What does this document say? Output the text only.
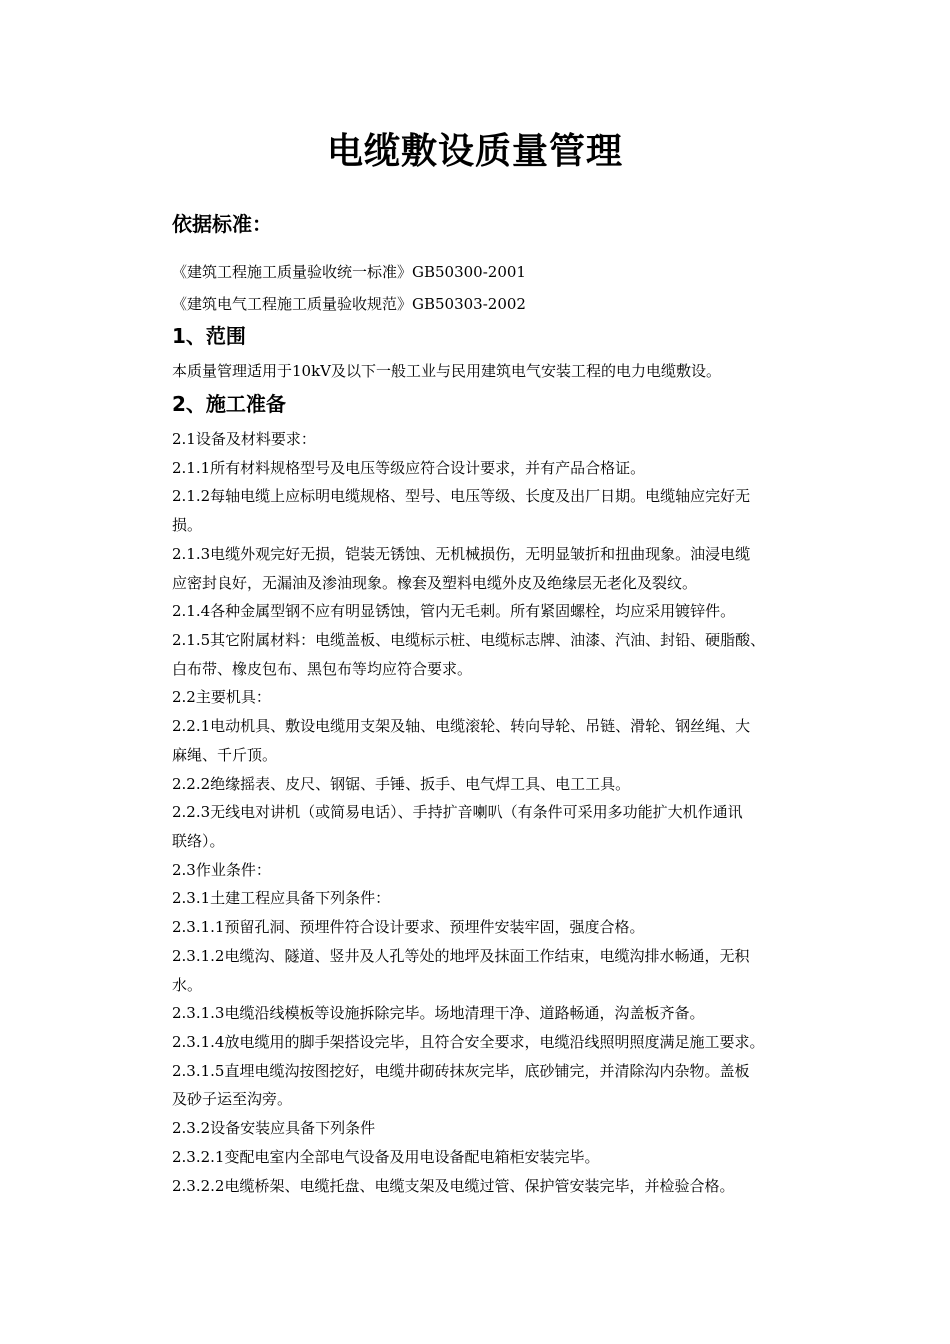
电缆敷设质量管理
依据标准：
《建筑工程施工质量验收统一标准》GB50300-2001
《建筑电气工程施工质量验收规范》GB50303-2002
1、范围
本质量管理适用于10kV及以下一般工业与民用建筑电气安装工程的电力电缆敷设。
2、施工准备
2.1设备及材料要求：
2.1.1所有材料规格型号及电压等级应符合设计要求，并有产品合格证。
2.1.2每轴电缆上应标明电缆规格、型号、电压等级、长度及出厂日期。电缆轴应完好无
损。
2.1.3电缆外观完好无损，铠装无锈蚀、无机械损伤，无明显皱折和扭曲现象。油浸电缆
应密封良好，无漏油及渗油现象。橡套及塑料电缆外皮及绝缘层无老化及裂纹。
2.1.4各种金属型钢不应有明显锈蚀，管内无毛刺。所有紧固螺栓，均应采用镀锌件。
2.1.5其它附属材料：电缆盖板、电缆标示桩、电缆标志牌、油漆、汽油、封铅、硬脂酸、
白布带、橡皮包布、黑包布等均应符合要求。
2.2主要机具：
2.2.1电动机具、敷设电缆用支架及轴、电缆滚轮、转向导轮、吊链、滑轮、钢丝绳、大
麻绳、千斤顶。
2.2.2绝缘摇表、皮尺、钢锯、手锤、扳手、电气焊工具、电工工具。
2.2.3无线电对讲机（或简易电话）、手持扩音喇叭（有条件可采用多功能扩大机作通讯
联络）。
2.3作业条件：
2.3.1土建工程应具备下列条件：
2.3.1.1预留孔洞、预埋件符合设计要求、预埋件安装牢固，强度合格。
2.3.1.2电缆沟、隧道、竖井及人孔等处的地坪及抹面工作结束，电缆沟排水畅通，无积
水。
2.3.1.3电缆沿线模板等设施拆除完毕。场地清理干净、道路畅通，沟盖板齐备。
2.3.1.4放电缆用的脚手架搭设完毕，且符合安全要求，电缆沿线照明照度满足施工要求。
2.3.1.5直埋电缆沟按图挖好，电缆井砌砖抹灰完毕，底砂铺完，并清除沟内杂物。盖板
及砂子运至沟旁。
2.3.2设备安装应具备下列条件
2.3.2.1变配电室内全部电气设备及用电设备配电箱柜安装完毕。
2.3.2.2电缆桥架、电缆托盘、电缆支架及电缆过管、保护管安装完毕，并检验合格。
